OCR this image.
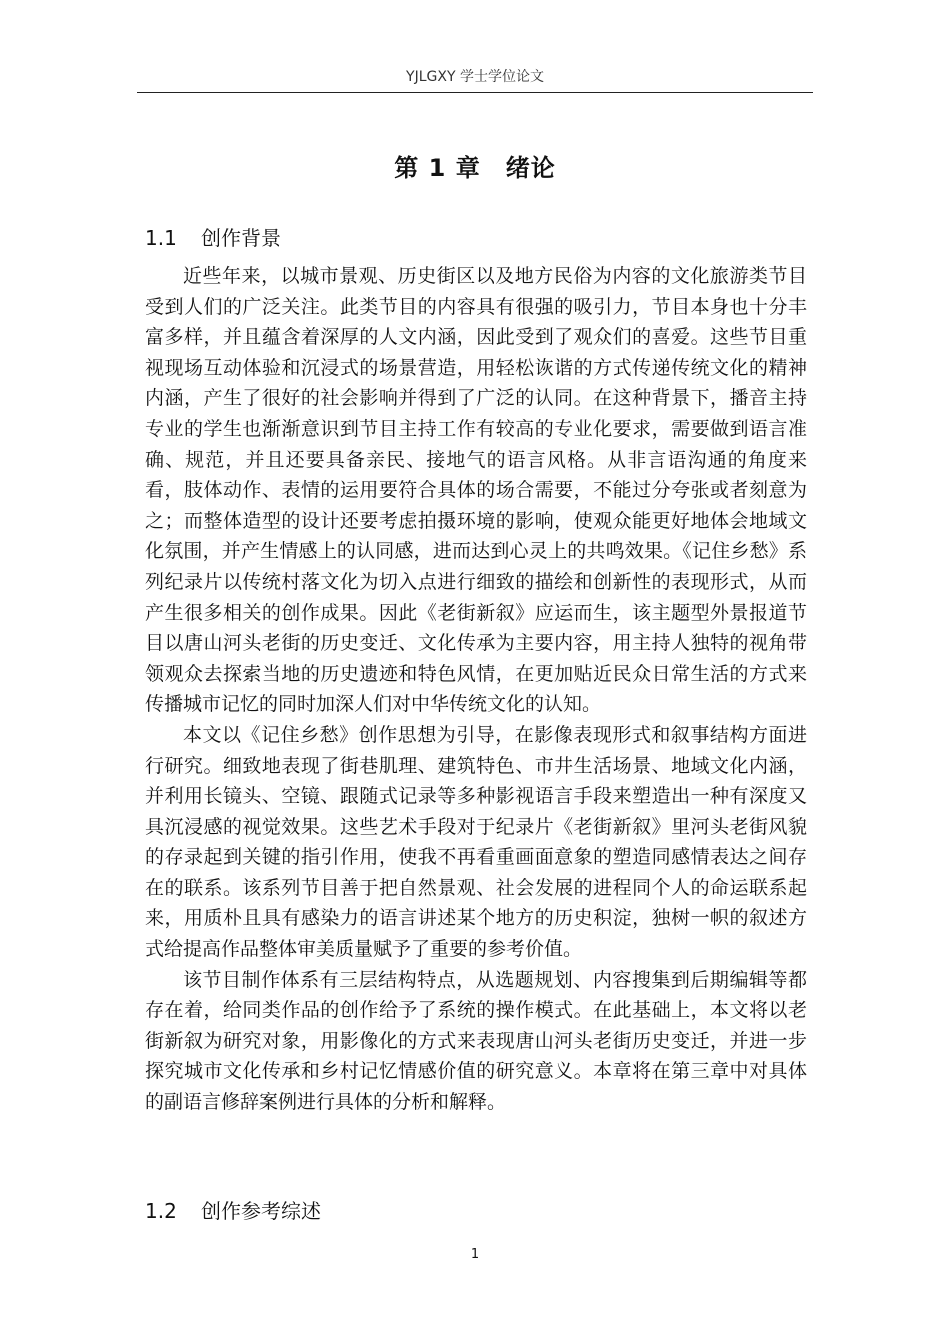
YJLGXY 学士学位论文
第 1 章　绪论
1.1 创作背景

近些年来，以城市景观、历史街区以及地方民俗为内容的文化旅游类节目受到人们的广泛关注。此类节目的内容具有很强的吸引力，节目本身也十分丰富多样，并且蕴含着深厚的人文内涵，因此受到了观众们的喜爱。这些节目重视现场互动体验和沉浸式的场景营造，用轻松诙谐的方式传递传统文化的精神内涵，产生了很好的社会影响并得到了广泛的认同。在这种背景下，播音主持专业的学生也渐渐意识到节目主持工作有较高的专业化要求，需要做到语言准确、规范，并且还要具备亲民、接地气的语言风格。从非言语沟通的角度来看，肢体动作、表情的运用要符合具体的场合需要，不能过分夸张或者刻意为之；而整体造型的设计还要考虑拍摄环境的影响，使观众能更好地体会地域文化氛围，并产生情感上的认同感，进而达到心灵上的共鸣效果。《记住乡愁》系列纪录片以传统村落文化为切入点进行细致的描绘和创新性的表现形式，从而产生很多相关的创作成果。因此《老街新叙》应运而生，该主题型外景报道节目以唐山河头老街的历史变迁、文化传承为主要内容，用主持人独特的视角带领观众去探索当地的历史遗迹和特色风情，在更加贴近民众日常生活的方式来传播城市记忆的同时加深人们对中华传统文化的认知。

本文以《记住乡愁》创作思想为引导，在影像表现形式和叙事结构方面进行研究。细致地表现了街巷肌理、建筑特色、市井生活场景、地域文化内涵，并利用长镜头、空镜、跟随式记录等多种影视语言手段来塑造出一种有深度又具沉浸感的视觉效果。这些艺术手段对于纪录片《老街新叙》里河头老街风貌的存录起到关键的指引作用，使我不再看重画面意象的塑造同感情表达之间存在的联系。该系列节目善于把自然景观、社会发展的进程同个人的命运联系起来，用质朴且具有感染力的语言讲述某个地方的历史积淀，独树一帜的叙述方式给提高作品整体审美质量赋予了重要的参考价值。

该节目制作体系有三层结构特点，从选题规划、内容搜集到后期编辑等都存在着，给同类作品的创作给予了系统的操作模式。在此基础上，本文将以老街新叙为研究对象，用影像化的方式来表现唐山河头老街历史变迁，并进一步探究城市文化传承和乡村记忆情感价值的研究意义。本章将在第三章中对具体的副语言修辞案例进行具体的分析和解释。

1.2 创作参考综述
1
